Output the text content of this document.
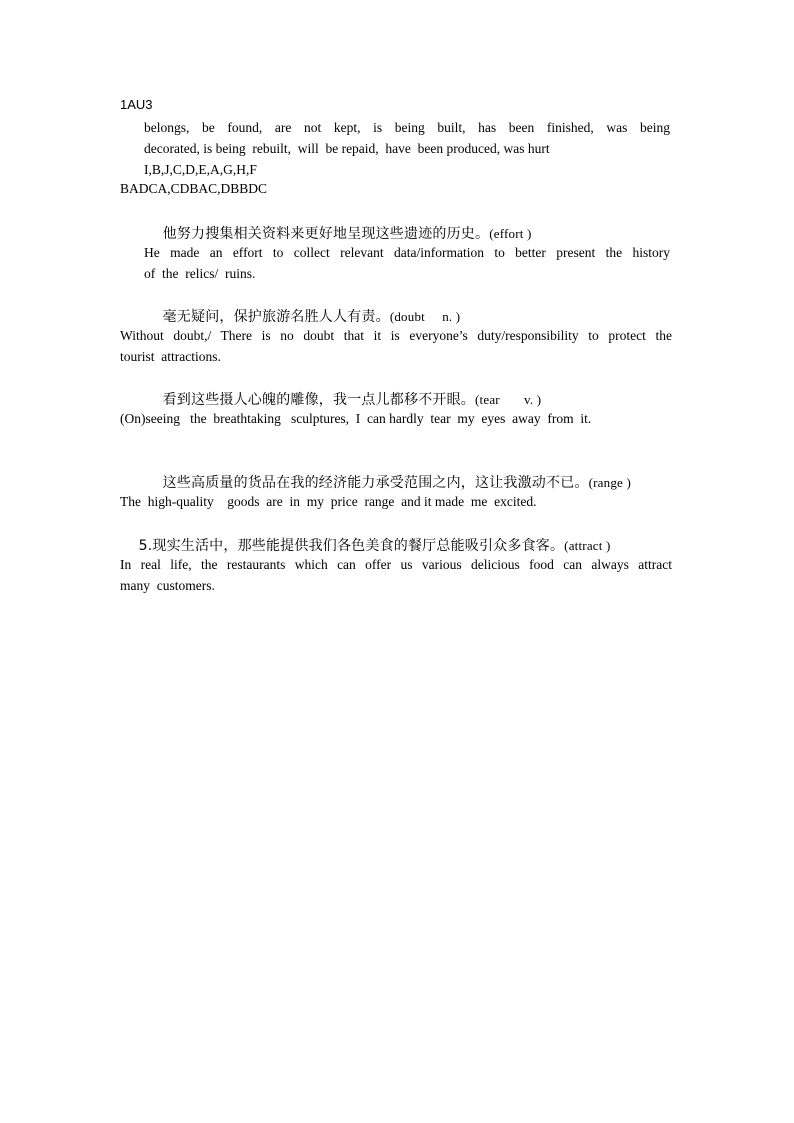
1AU3
belongs, be found, are not kept, is being built, has been finished, was being
decorated, is being  rebuilt,  will  be repaid,  have  been produced, was hurt
I,B,J,C,D,E,A,G,H,F
BADCA,CDBAC,DBBDC

他努力搜集相关资料来更好地呈现这些遗迹的历史。(effort )

He made an effort to collect relevant data/information to better present the history
of  the  relics/  ruins.

毫无疑问，保护旅游名胜人人有责。(doubt     n. )

Without doubt,/ There is no doubt that it is everyone’s duty/responsibility to protect the
tourist  attractions.

看到这些摄人心魄的雕像，我一点儿都移不开眼。(tear       v. )

(On)seeing   the  breathtaking   sculptures,  I  can hardly  tear  my  eyes  away  from  it.

这些高质量的货品在我的经济能力承受范围之内，这让我激动不已。(range )

The  high-quality    goods  are  in  my  price  range  and it made  me  excited.

5.现实生活中，那些能提供我们各色美食的餐厅总能吸引众多食客。(attract )

In real life, the restaurants which can offer us various delicious food can always attract
many  customers.
